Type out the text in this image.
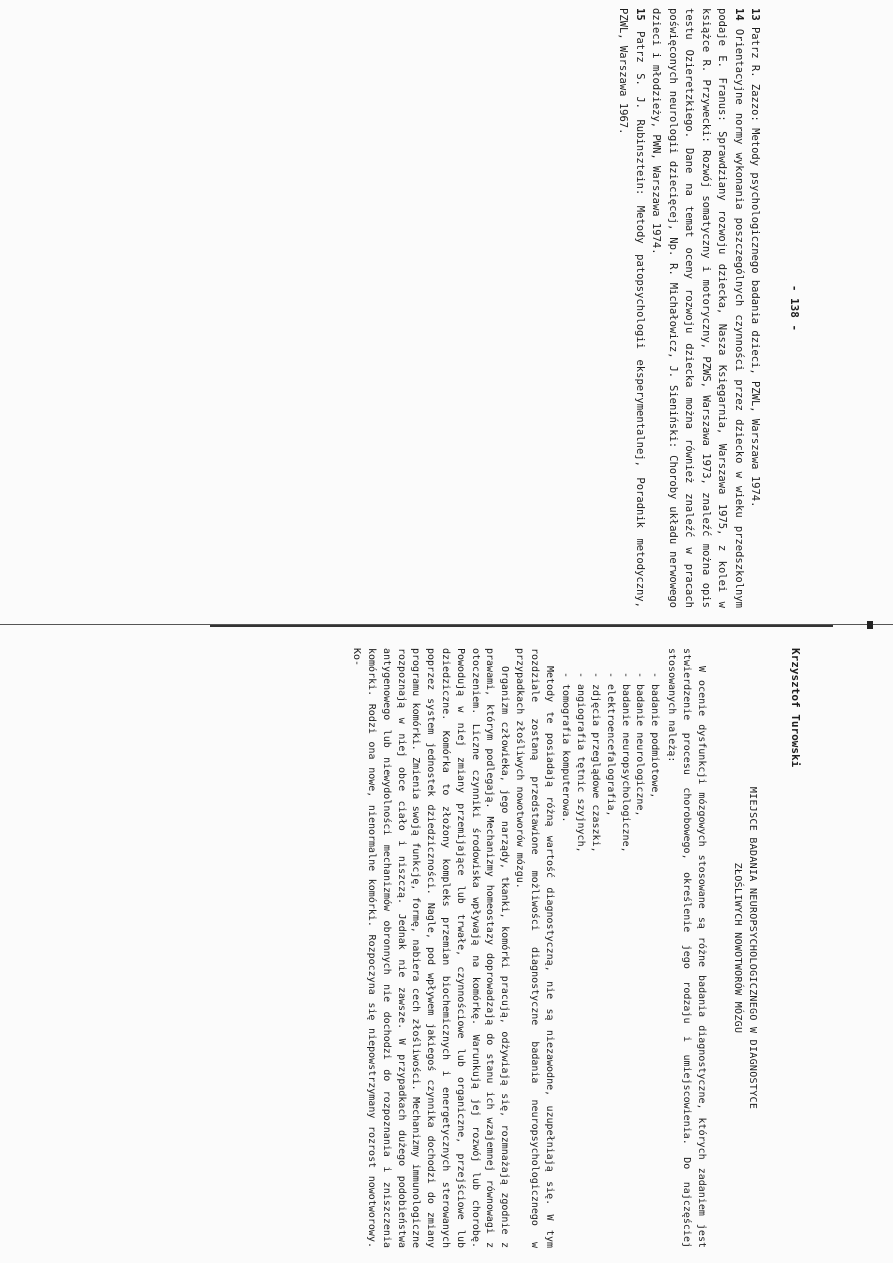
- 138 -

13 Patrz R. Zazzo: Metody psychologicznego badania dzieci, PZWL, Warszawa 1974.

14 Orientacyjne normy wykonania poszczególnych czynności przez dziecko w wieku przedszkolnym podaje E. Franus: Sprawdziany rozwoju dziecka, Nasza Księgarnia, Warszawa 1975, z kolei w książce R. Przywecki: Rozwój somatyczny i motoryczny, PZWS, Warszawa 1973, znaleźć można opis testu Ozieretzkiego. Dane na temat oceny rozwoju dziecka można również znaleźć w pracach poświęconych neurologii dziecięcej, Np. R. Michałowicz, J. Sieniński: Choroby układu nerwowego dzieci i młodzieży, PWN, Warszawa 1974.

15 Patrz S. J. Rubinsztein: Metody patopsychologii eksperymentalnej, Poradnik metodyczny, PZWL, Warszawa 1967.

Krzysztof Turowski
MIEJSCE BADANIA NEUROPSYCHOLOGICZNEGO W DIAGNOSTYCE
ZŁOŚLIWYCH NOWOTWORÓW MÓZGU

W ocenie dysfunkcji mózgowych stosowane są różne badania diagnostyczne, których zadaniem jest stwierdzenie procesu chorobowego, określenie jego rodzaju i umiejscowienia. Do najczęściej stosowanych należą:

- badanie podmiotowe,
- badanie neurologiczne,
- badanie neuropsychologiczne,
- elektroencefalografia,
- zdjęcia przeglądowe czaszki,
- angiografia tętnic szyjnych,
- tomografia komputerowa.

Metody te posiadają różną wartość diagnostyczną, nie są niezawodne, uzupełniają się. W tym rozdziale zostaną przedstawione możliwości diagnostyczne badania neuropsychologicznego w przypadkach złośliwych nowotworów mózgu.

Organizm człowieka, jego narządy, tkanki, komórki pracują, odżywiają się, rozmnażają zgodnie z prawami, którym podlegają. Mechanizmy homeostazy doprowadzają do stanu ich wzajemnej równowagi z otoczeniem. Liczne czynniki środowiska wpływają na komórkę. Warunkują jej rozwój lub chorobę. Powodują w niej zmiany przemijające lub trwałe, czynnościowe lub organiczne, przejściowe lub dziedziczne. Komórka to złożony kompleks przemian biochemicznych i energetycznych sterowanych poprzez system jednostek dziedziczności. Nagle, pod wpływem jakiegoś czynnika dochodzi do zmiany programu komórki. Zmienia swoją funkcję, formę, nabiera cech złośliwości. Mechanizmy immunologiczne rozpoznają w niej obce ciało i niszczą. Jednak nie zawsze. W przypadkach dużego podobieństwa antygenowego lub niewydolności mechanizmów obronnych nie dochodzi do rozpoznania i zniszczenia komórki. Rodzi ona nowe, nienormalne komórki. Rozpoczyna się niepowstrzymany rozrost nowotworowy. Ko-
